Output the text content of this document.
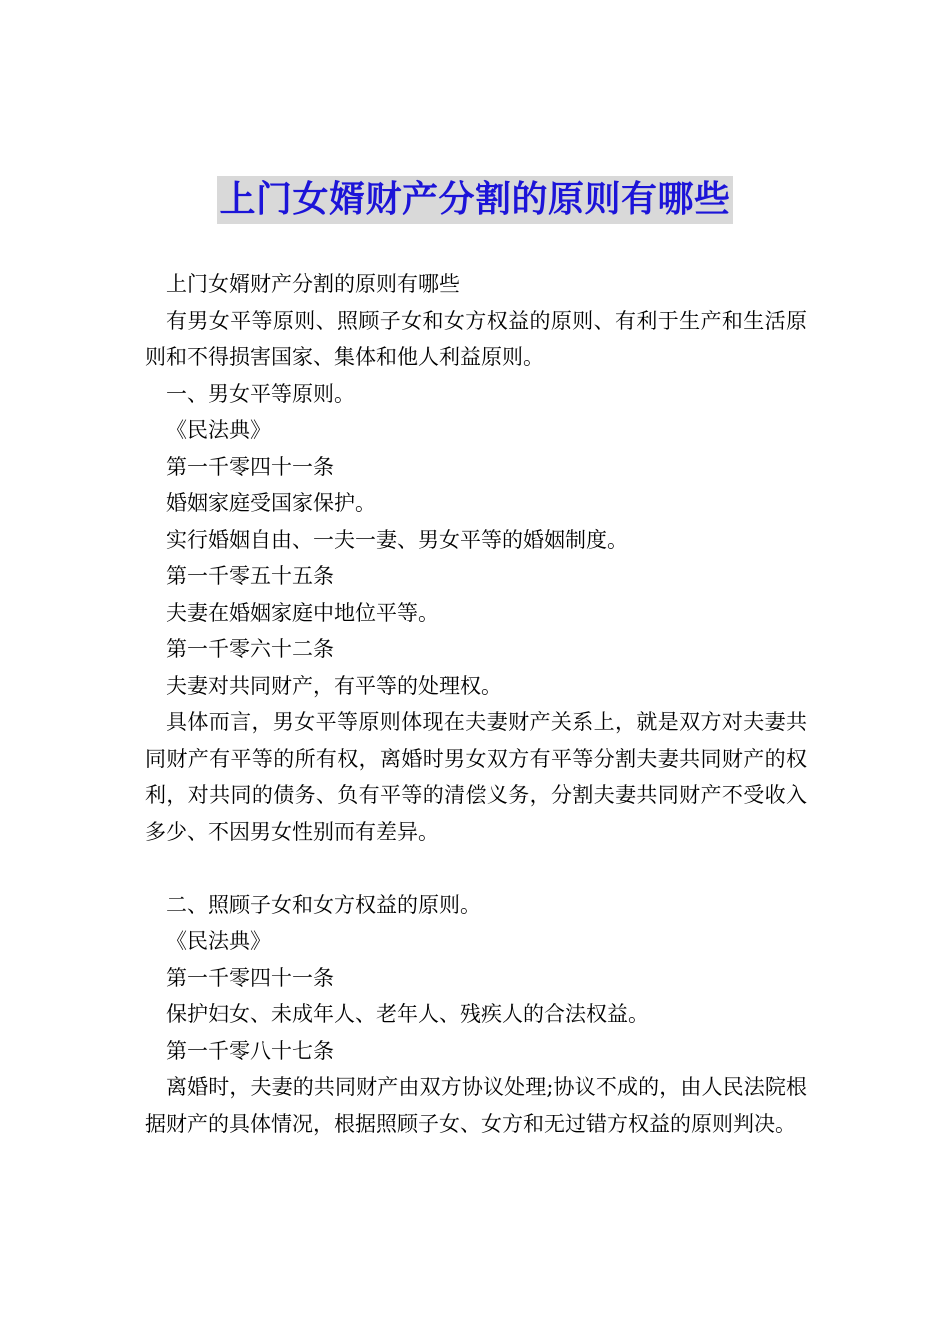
上门女婿财产分割的原则有哪些

上门女婿财产分割的原则有哪些

有男女平等原则、照顾子女和女方权益的原则、有利于生产和生活原则和不得损害国家、集体和他人利益原则。

一、男女平等原则。

《民法典》

第一千零四十一条

婚姻家庭受国家保护。

实行婚姻自由、一夫一妻、男女平等的婚姻制度。

第一千零五十五条

夫妻在婚姻家庭中地位平等。

第一千零六十二条

夫妻对共同财产，有平等的处理权。

具体而言，男女平等原则体现在夫妻财产关系上，就是双方对夫妻共同财产有平等的所有权，离婚时男女双方有平等分割夫妻共同财产的权利，对共同的债务、负有平等的清偿义务，分割夫妻共同财产不受收入多少、不因男女性别而有差异。

二、照顾子女和女方权益的原则。

《民法典》

第一千零四十一条

保护妇女、未成年人、老年人、残疾人的合法权益。

第一千零八十七条

离婚时，夫妻的共同财产由双方协议处理;协议不成的，由人民法院根据财产的具体情况，根据照顾子女、女方和无过错方权益的原则判决。
